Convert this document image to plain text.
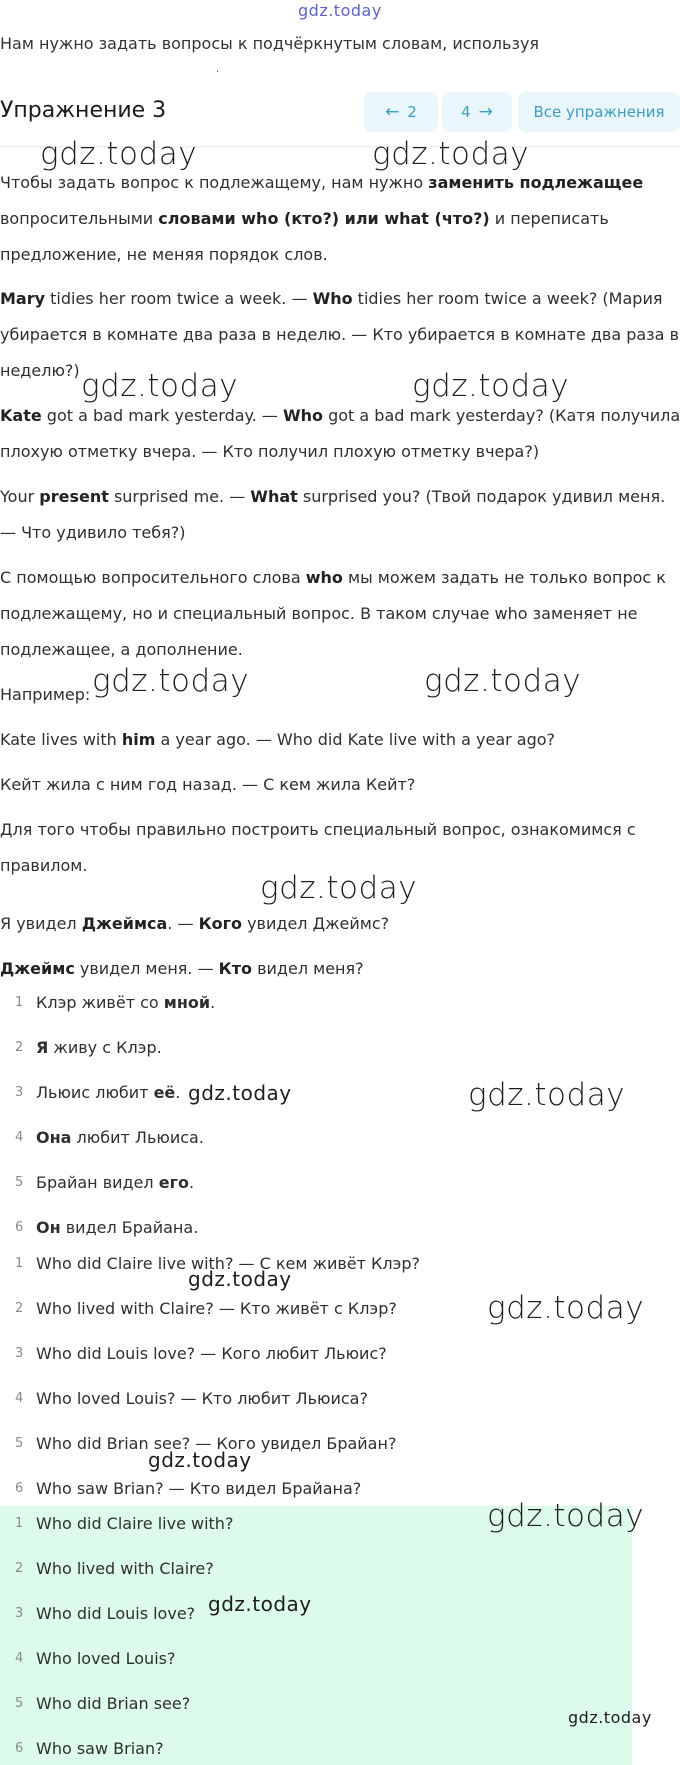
gdz.today
Нам нужно задать вопросы к подчёркнутым словам, используя
.
Упражнение 3	← 2	4 →	Все упражнения
Чтобы задать вопрос к подлежащему, нам нужно заменить подлежащее
вопросительными словами who (кто?) или what (что?) и переписать
предложение, не меняя порядок слов.
Mary tidies her room twice a week. — Who tidies her room twice a week? (Мария
убирается в комнате два раза в неделю. — Кто убирается в комнате два раза в
неделю?)
Kate got a bad mark yesterday. — Who got a bad mark yesterday? (Катя получила
плохую отметку вчера. — Кто получил плохую отметку вчера?)
Your present surprised me. — What surprised you? (Твой подарок удивил меня.
— Что удивило тебя?)
С помощью вопросительного слова who мы можем задать не только вопрос к
подлежащему, но и специальный вопрос. В таком случае who заменяет не
подлежащее, а дополнение.
Например:
Kate lives with him a year ago. — Who did Kate live with a year ago?
Кейт жила с ним год назад. — С кем жила Кейт?
Для того чтобы правильно построить специальный вопрос, ознакомимся с
правилом.
Я увидел Джеймса. — Кого увидел Джеймс?
Джеймс увидел меня. — Кто видел меня?
1 Клэр живёт со мной.
2 Я живу с Клэр.
3 Льюис любит её.
4 Она любит Льюиса.
5 Брайан видел его.
6 Он видел Брайана.
1 Who did Claire live with? — С кем живёт Клэр?
2 Who lived with Claire? — Кто живёт с Клэр?
3 Who did Louis love? — Кого любит Льюис?
4 Who loved Louis? — Кто любит Льюиса?
5 Who did Brian see? — Кого увидел Брайан?
6 Who saw Brian? — Кто видел Брайана?
1 Who did Claire live with?
2 Who lived with Claire?
3 Who did Louis love?
4 Who loved Louis?
5 Who did Brian see?
6 Who saw Brian?
gdz.today	gdz.today
gdz.today	gdz.today
gdz.today	gdz.today
gdz.today
gdz.today	gdz.today
gdz.today
gdz.today
gdz.today
gdz.today
gdz.today
gdz.today
